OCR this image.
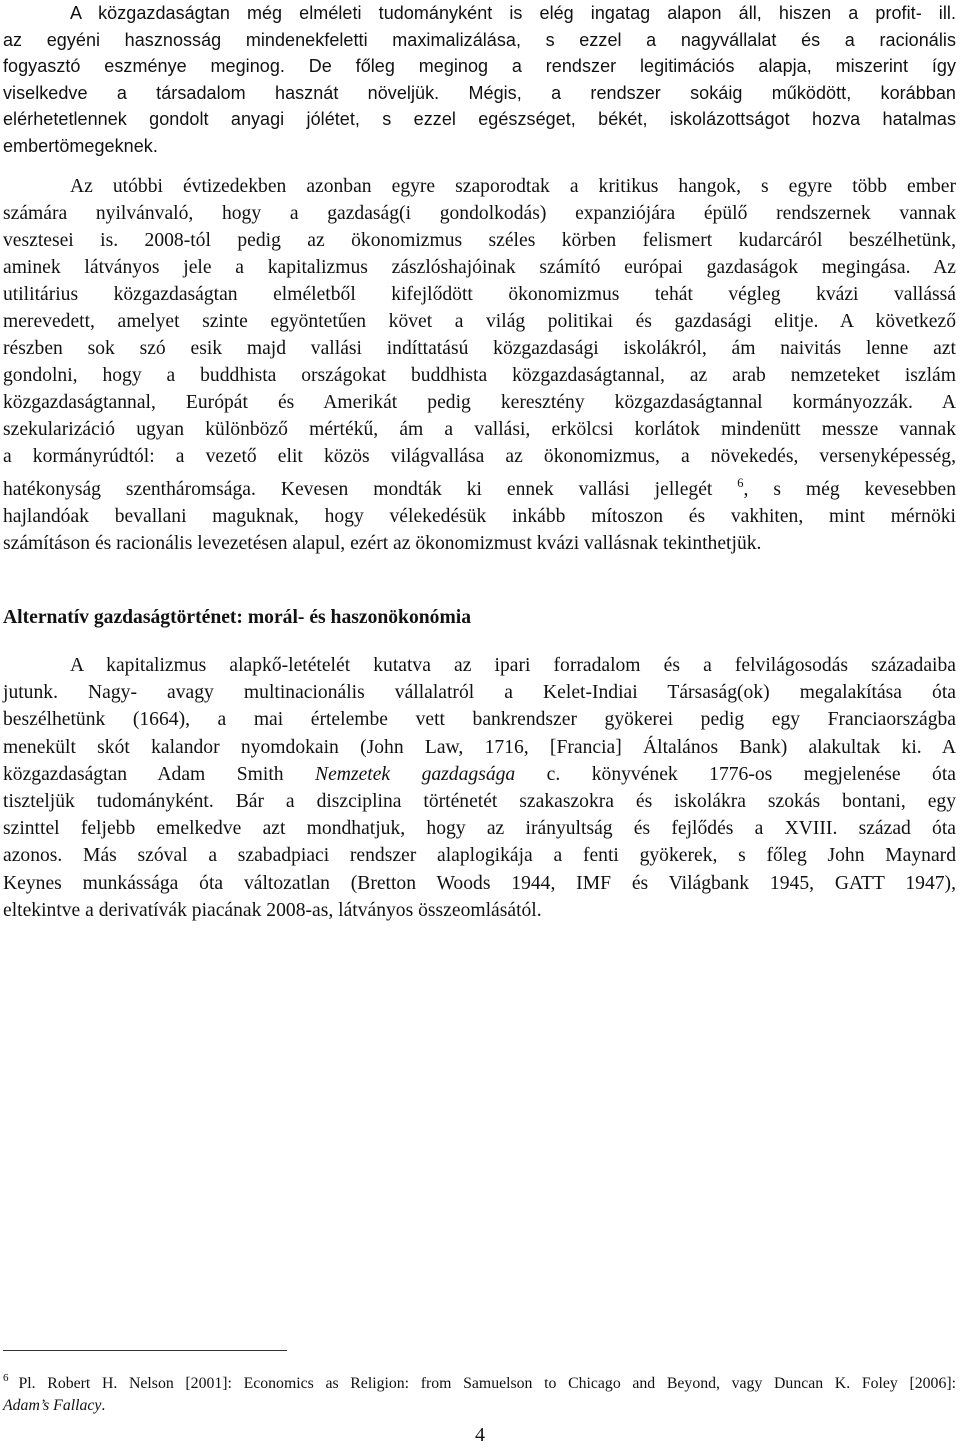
A közgazdaságtan még elméleti tudományként is elég ingatag alapon áll, hiszen a profit- ill.
az egyéni hasznosság mindenekfeletti maximalizálása, s ezzel a nagyvállalat és a racionális
fogyasztó eszménye meginog. De főleg meginog a rendszer legitimációs alapja, miszerint így
viselkedve a társadalom hasznát növeljük. Mégis, a rendszer sokáig működött, korábban
elérhetetlennek gondolt anyagi jólétet, s ezzel egészséget, békét, iskolázottságot hozva hatalmas
embertömegeknek.
Az utóbbi évtizedekben azonban egyre szaporodtak a kritikus hangok, s egyre több ember
számára nyilvánvaló, hogy a gazdaság(i gondolkodás) expanziójára épülő rendszernek vannak
vesztesei is. 2008-tól pedig az ökonomizmus széles körben felismert kudarcáról beszélhetünk,
aminek látványos jele a kapitalizmus zászlóshajóinak számító európai gazdaságok megingása. Az
utilitárius közgazdaságtan elméletből kifejlődött ökonomizmus tehát végleg kvázi vallássá
merevedett, amelyet szinte egyöntetűen követ a világ politikai és gazdasági elitje. A következő
részben sok szó esik majd vallási indíttatású közgazdasági iskolákról, ám naivitás lenne azt
gondolni, hogy a buddhista országokat buddhista közgazdaságtannal, az arab nemzeteket iszlám
közgazdaságtannal, Európát és Amerikát pedig keresztény közgazdaságtannal kormányozzák. A
szekularizáció ugyan különböző mértékű, ám a vallási, erkölcsi korlátok mindenütt messze vannak
a kormányrúdtól: a vezető elit közös világvallása az ökonomizmus, a növekedés, versenyképesség,
hatékonyság szentháromsága. Kevesen mondták ki ennek vallási jellegét $^6$, s még kevesebben
hajlandóak bevallani maguknak, hogy vélekedésük inkább mítoszon és vakhiten, mint mérnöki
számításon és racionális levezetésen alapul, ezért az ökonomizmust kvázi vallásnak tekinthetjük.
Alternatív gazdaságtörténet: morál- és haszonökonómia
A kapitalizmus alapkő-letételét kutatva az ipari forradalom és a felvilágosodás századaiba
jutunk. Nagy- avagy multinacionális vállalatról a Kelet-Indiai Társaság(ok) megalakítása óta
beszélhetünk (1664), a mai értelembe vett bankrendszer gyökerei pedig egy Franciaországba
menekült skót kalandor nyomdokain (John Law, 1716, [Francia] Általános Bank) alakultak ki. A
közgazdaságtan Adam Smith Nemzetek gazdagsága c. könyvének 1776-os megjelenése óta
tiszteljük tudományként. Bár a diszciplina történetét szakaszokra és iskolákra szokás bontani, egy
szinttel feljebb emelkedve azt mondhatjuk, hogy az irányultság és fejlődés a XVIII. század óta
azonos. Más szóval a szabadpiaci rendszer alaplogikája a fenti gyökerek, s főleg John Maynard
Keynes munkássága óta változatlan (Bretton Woods 1944, IMF és Világbank 1945, GATT 1947),
eltekintve a derivatívák piacának 2008-as, látványos összeomlásától.
$^6$ Pl. Robert H. Nelson [2001]: Economics as Religion: from Samuelson to Chicago and Beyond, vagy Duncan K. Foley [2006]:
Adam’s Fallacy.
4
